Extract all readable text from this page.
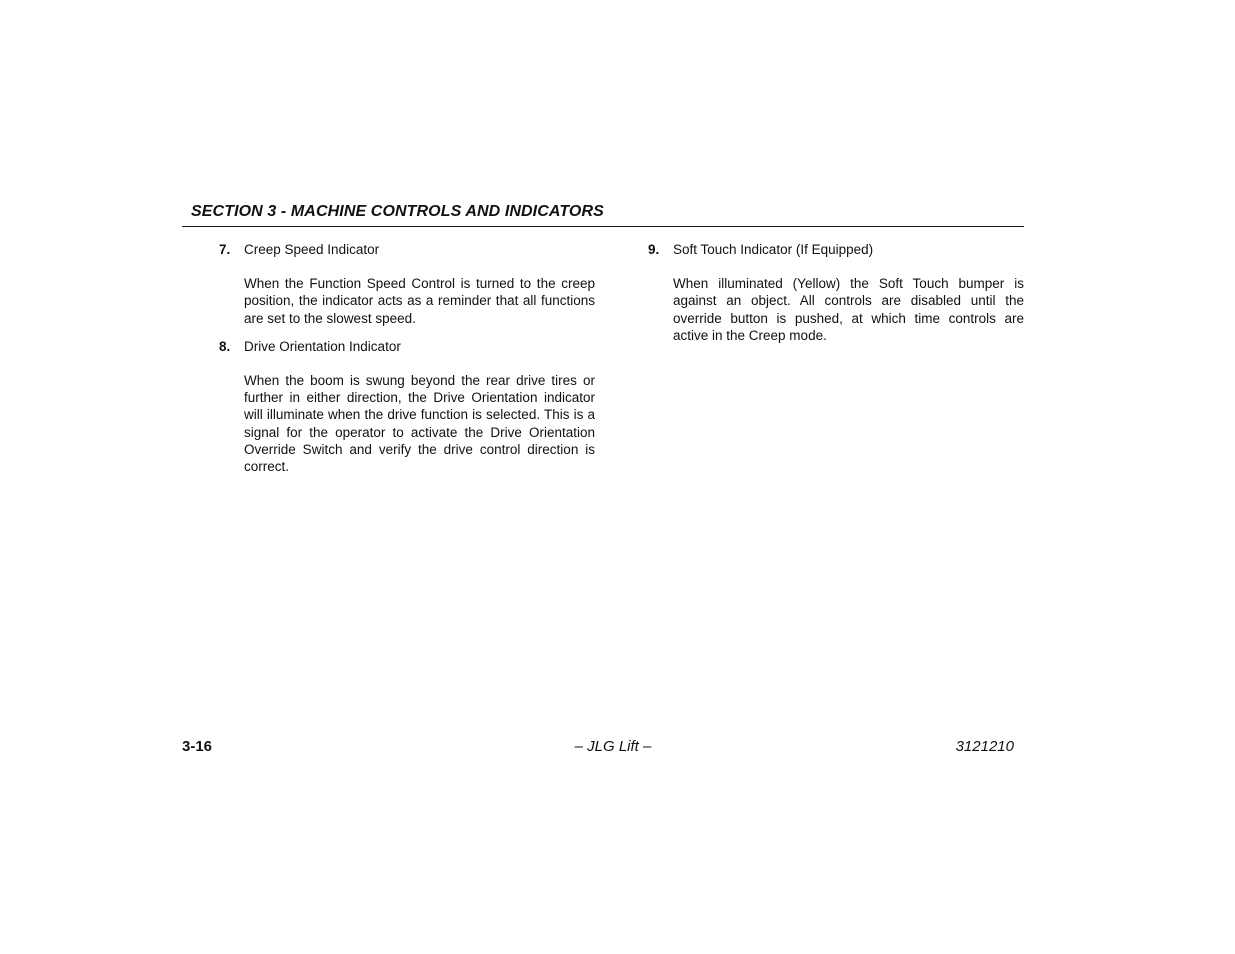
SECTION 3 - MACHINE CONTROLS AND INDICATORS
7. Creep Speed Indicator
When the Function Speed Control is turned to the creep position, the indicator acts as a reminder that all functions are set to the slowest speed.
8. Drive Orientation Indicator
When the boom is swung beyond the rear drive tires or further in either direction, the Drive Orientation indicator will illuminate when the drive function is selected. This is a signal for the operator to activate the Drive Orientation Override Switch and verify the drive control direction is correct.
9. Soft Touch Indicator (If Equipped)
When illuminated (Yellow) the Soft Touch bumper is against an object. All controls are disabled until the override button is pushed, at which time controls are active in the Creep mode.
3-16	– JLG Lift –	3121210
